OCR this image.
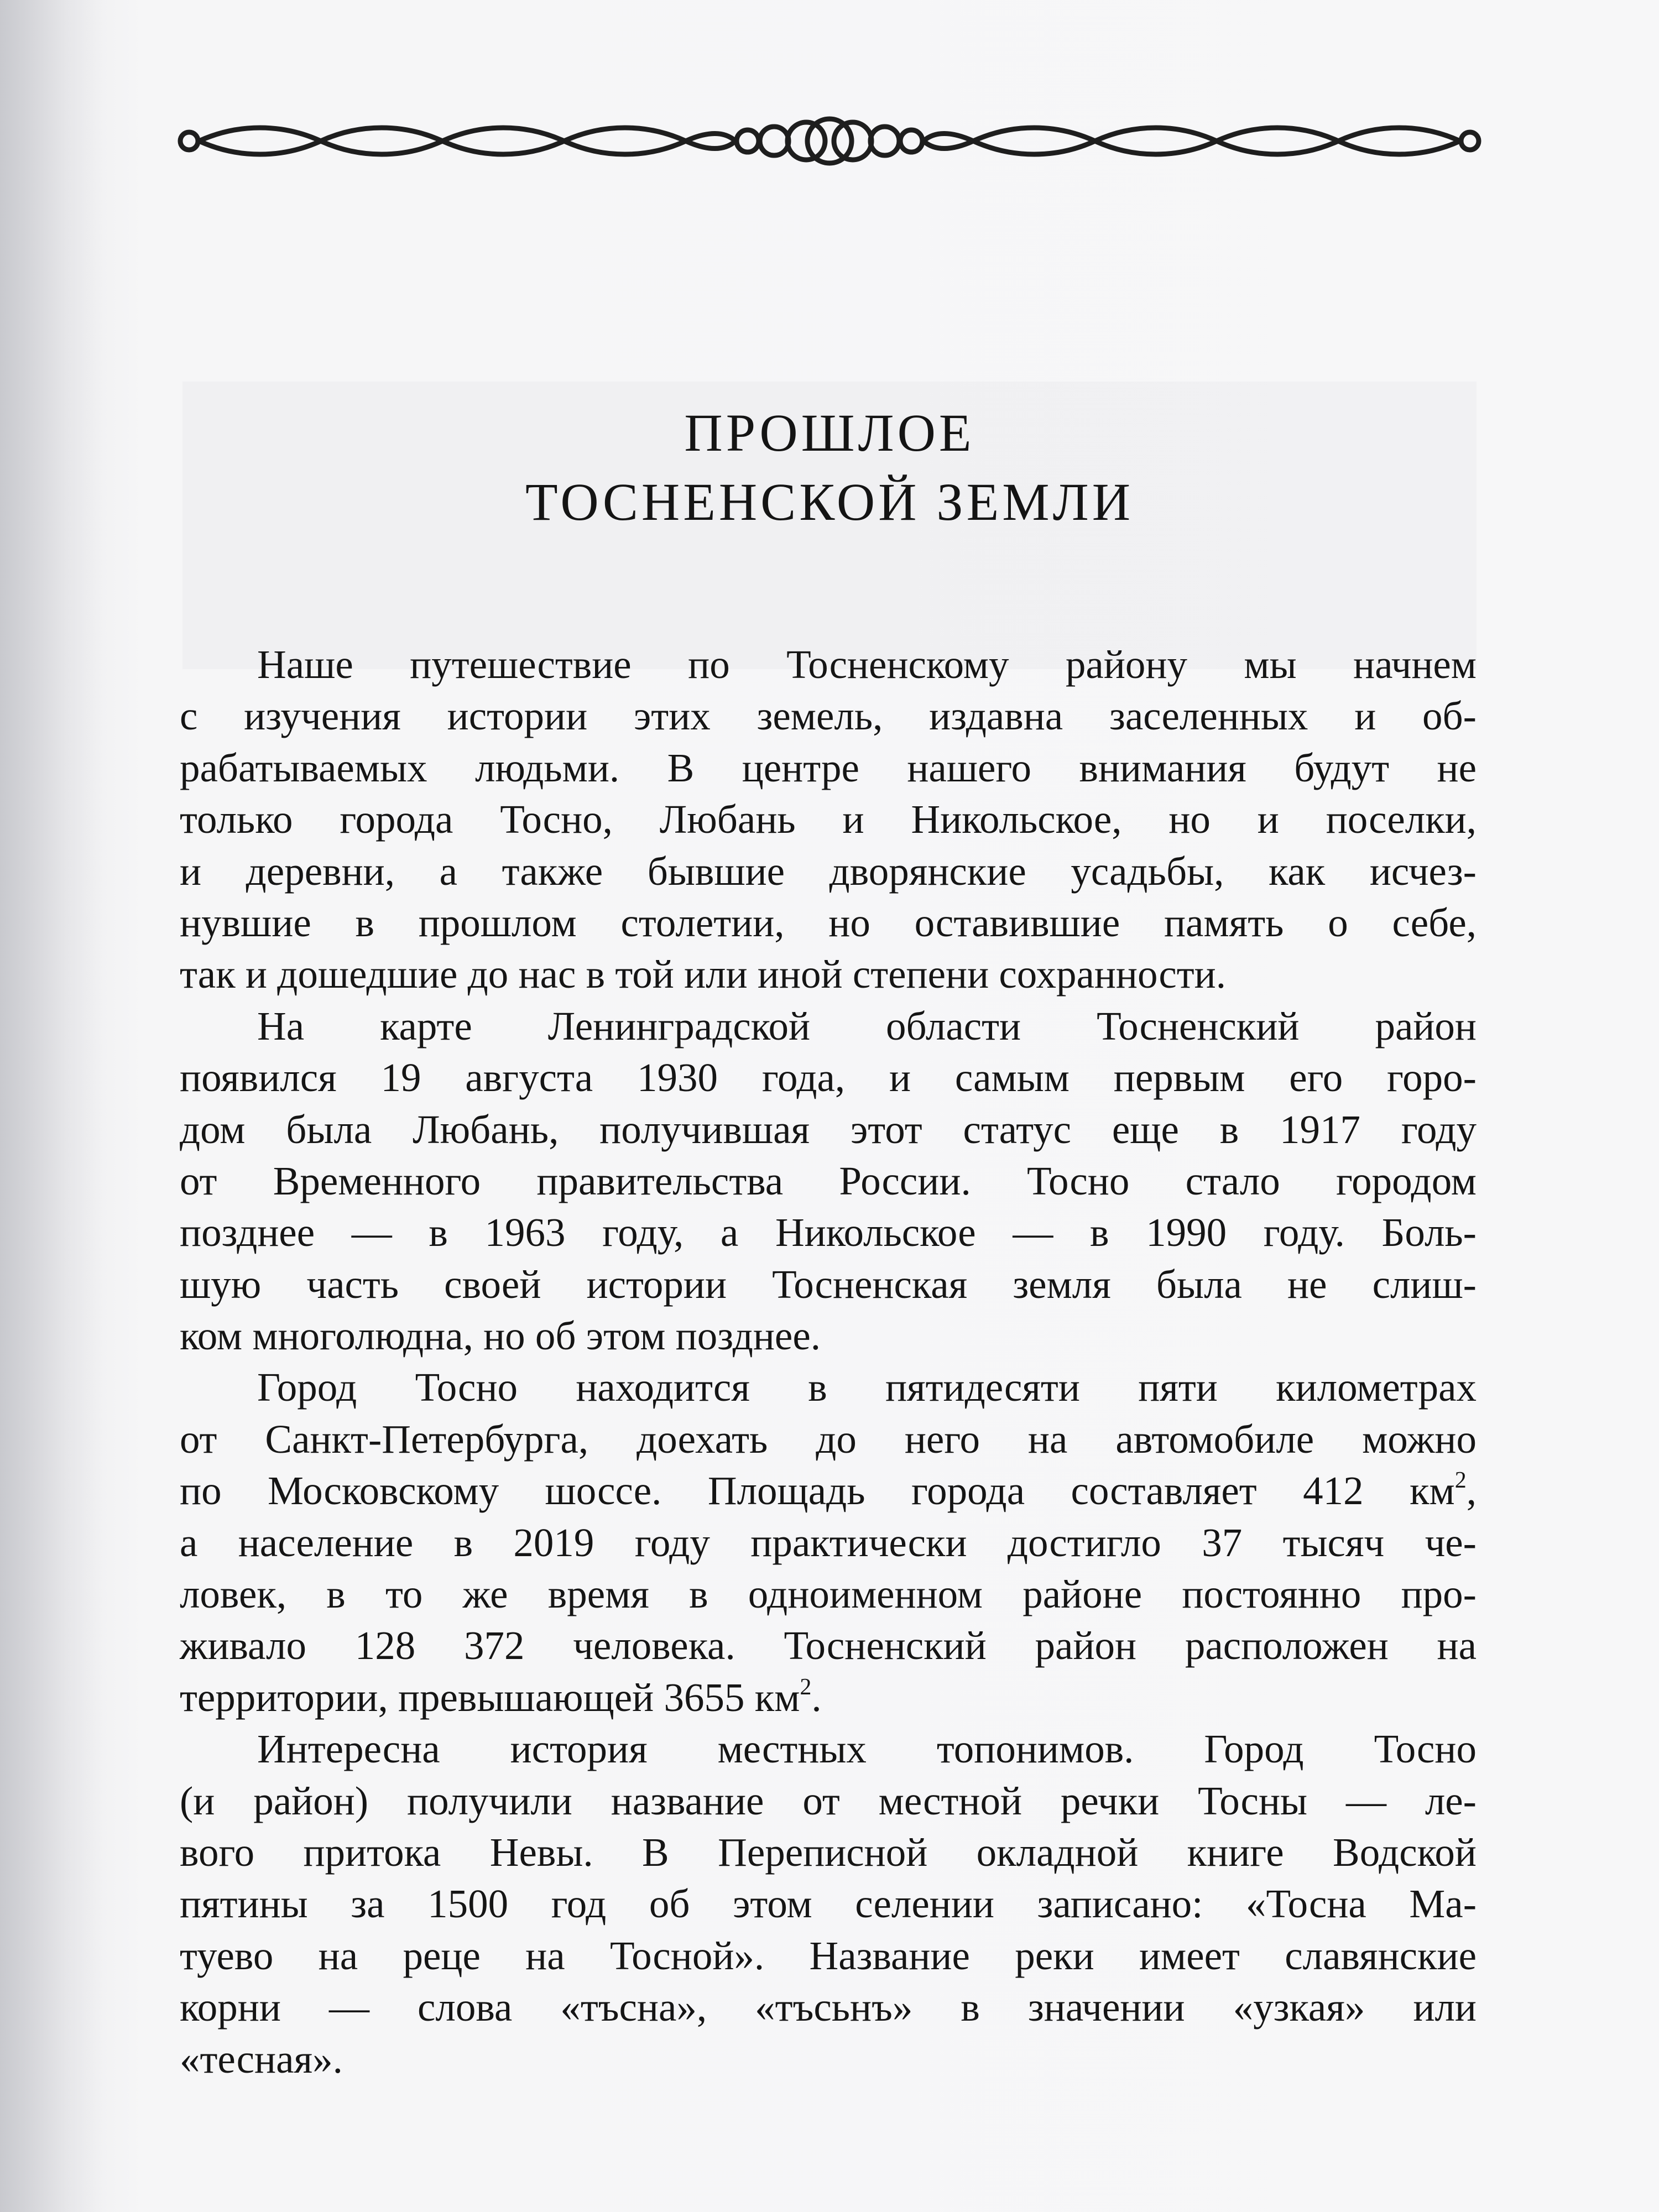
ПРОШЛОЕ
ТОСНЕНСКОЙ ЗЕМЛИ
Наше путешествие по Тосненскому району мы начнем
с изучения истории этих земель, издавна заселенных и об-
рабатываемых людьми. В центре нашего внимания будут не
только города Тосно, Любань и Никольское, но и поселки,
и деревни, а также бывшие дворянские усадьбы, как исчез-
нувшие в прошлом столетии, но оставившие память о себе,
так и дошедшие до нас в той или иной степени сохранности.
На карте Ленинградской области Тосненский район
появился 19 августа 1930 года, и самым первым его горо-
дом была Любань, получившая этот статус еще в 1917 году
от Временного правительства России. Тосно стало городом
позднее — в 1963 году, а Никольское — в 1990 году. Боль-
шую часть своей истории Тосненская земля была не слиш-
ком многолюдна, но об этом позднее.
Город Тосно находится в пятидесяти пяти километрах
от Санкт-Петербурга, доехать до него на автомобиле можно
по Московскому шоссе. Площадь города составляет 412 $км^2$,
а население в 2019 году практически достигло 37 тысяч че-
ловек, в то же время в одноименном районе постоянно про-
живало 128 372 человека. Тосненский район расположен на
территории, превышающей 3655 $км^2$.
Интересна история местных топонимов. Город Тосно
(и район) получили название от местной речки Тосны — ле-
вого притока Невы. В Переписной окладной книге Водской
пятины за 1500 год об этом селении записано: «Тосна Ма-
туево на реце на Тосной». Название реки имеет славянские
корни — слова «тъсна», «тъсьнъ» в значении «узкая» или
«тесная».
